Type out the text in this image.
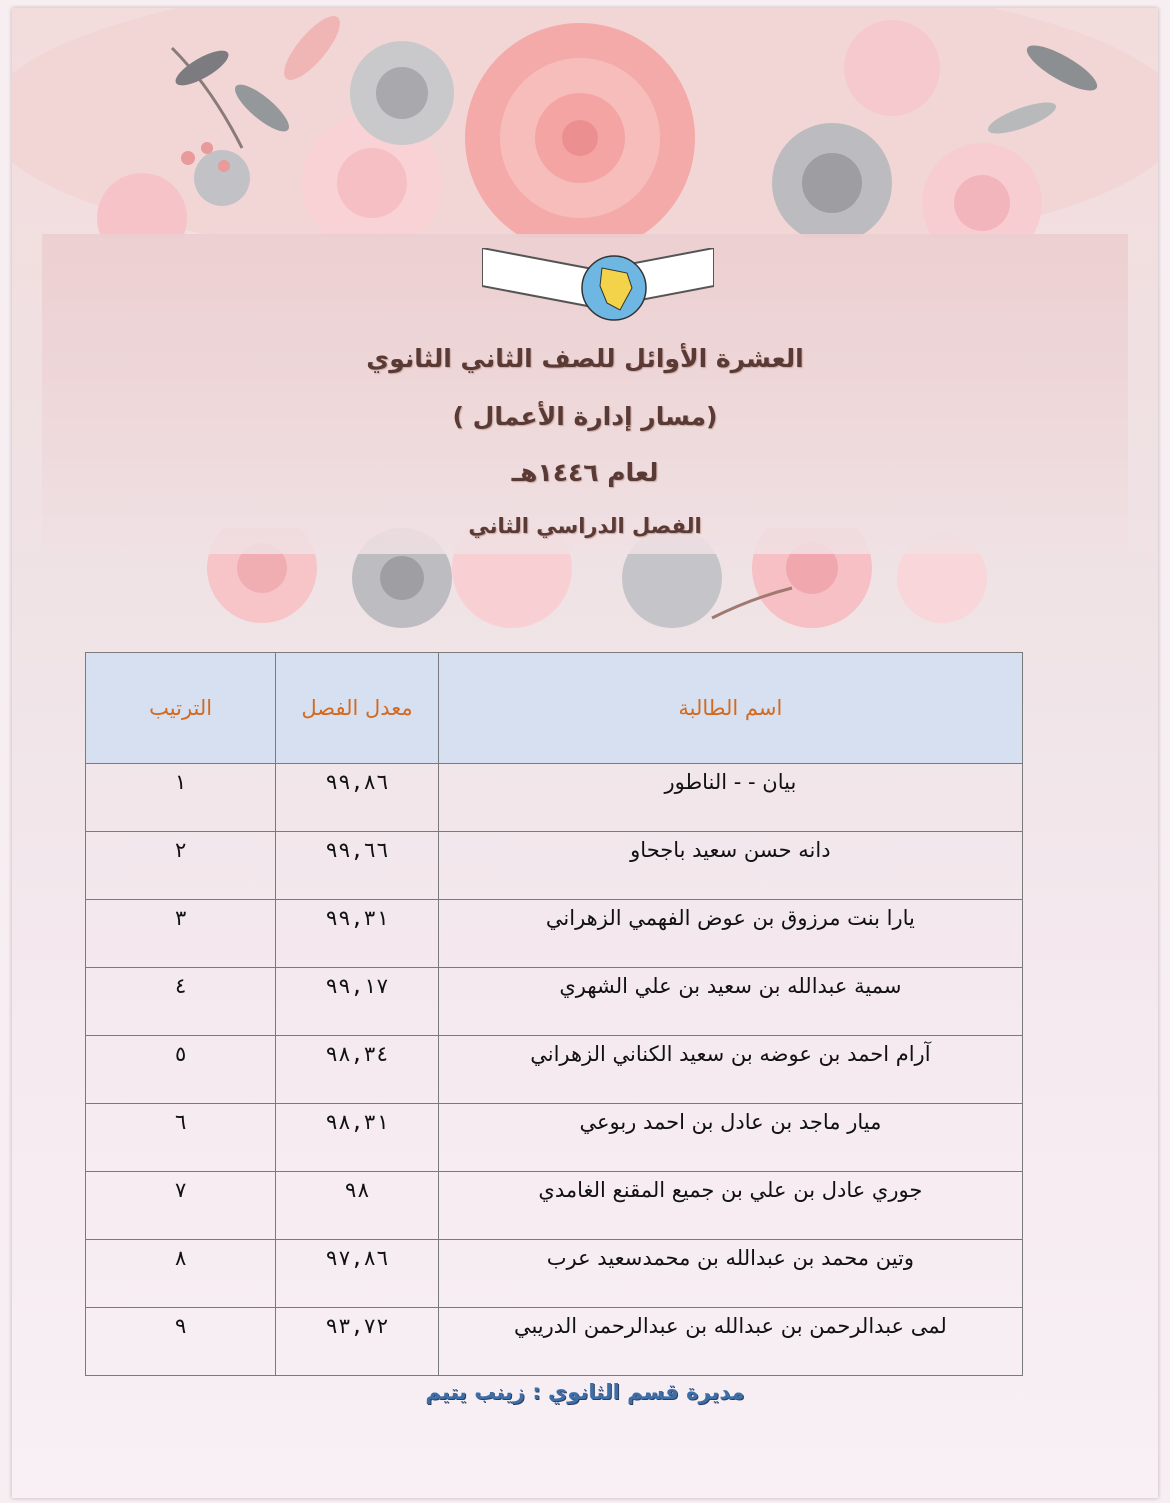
العشرة الأوائل للصف الثاني الثانوي
(مسار إدارة الأعمال )
لعام ١٤٤٦هـ
الفصل الدراسي الثاني
اسم الطالبة	معدل الفصل	الترتيب
بيان - - الناطور	٩٩,٨٦	١
دانه حسن سعيد باجحاو	٩٩,٦٦	٢
يارا بنت مرزوق بن عوض الفهمي الزهراني	٩٩,٣١	٣
سمية عبدالله بن سعيد بن علي الشهري	٩٩,١٧	٤
آرام احمد بن عوضه بن سعيد الكناني الزهراني	٩٨,٣٤	٥
ميار ماجد بن عادل بن احمد ربوعي	٩٨,٣١	٦
جوري عادل بن علي بن جميع المقنع الغامدي	٩٨	٧
وتين محمد بن عبدالله بن محمدسعيد عرب	٩٧,٨٦	٨
لمى عبدالرحمن بن عبدالله بن عبدالرحمن الدريبي	٩٣,٧٢	٩
مديرة قسم الثانوي : زينب يتيم
